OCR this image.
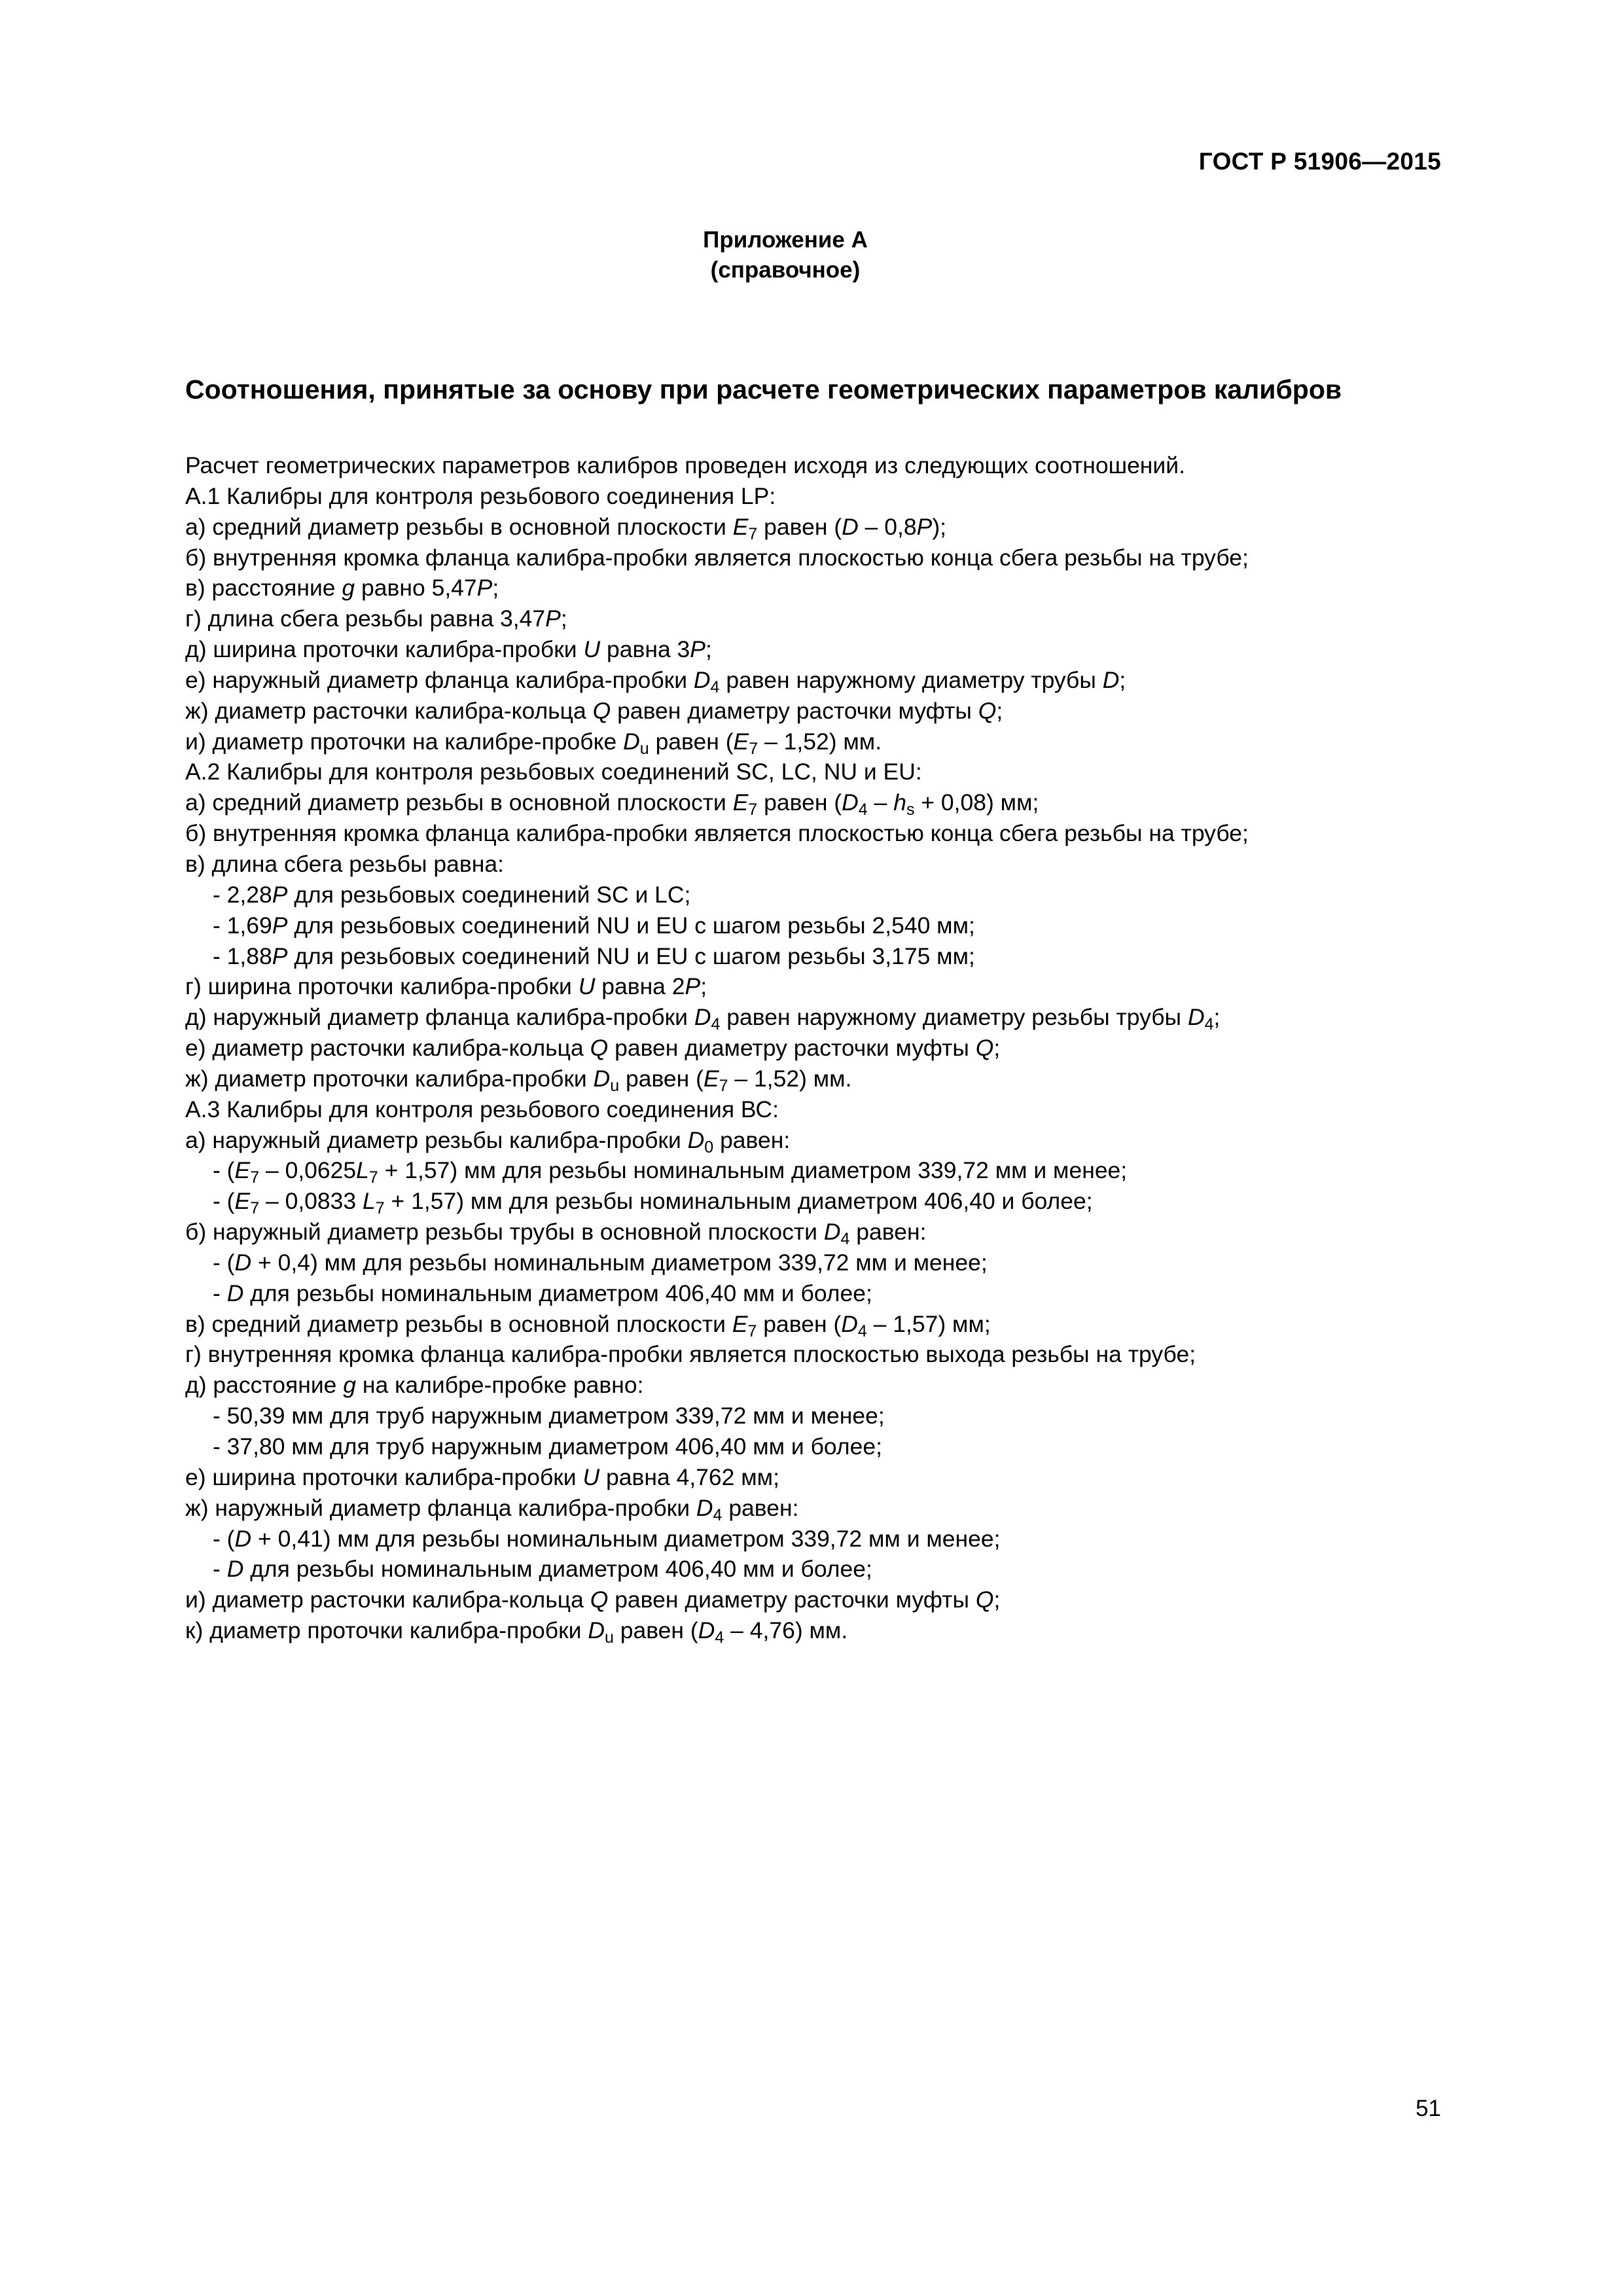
ГОСТ Р 51906—2015
Приложение А
(справочное)
Соотношения, принятые за основу при расчете геометрических параметров калибров
Расчет геометрических параметров калибров проведен исходя из следующих соотношений.
А.1 Калибры для контроля резьбового соединения LP:
а) средний диаметр резьбы в основной плоскости $E_7$ равен (D – 0,8P);
б) внутренняя кромка фланца калибра-пробки является плоскостью конца сбега резьбы на трубе;
в) расстояние g равно 5,47P;
г) длина сбега резьбы равна 3,47P;
д) ширина проточки калибра-пробки U равна 3P;
е) наружный диаметр фланца калибра-пробки $D_4$ равен наружному диаметру трубы D;
ж) диаметр расточки калибра-кольца Q равен диаметру расточки муфты Q;
и) диаметр проточки на калибре-пробке $D_u$ равен $(E_7 - 1,52)$ мм.
А.2 Калибры для контроля резьбовых соединений SC, LC, NU и EU:
а) средний диаметр резьбы в основной плоскости $E_7$ равен $(D_4 - h_s + 0,08)$ мм;
б) внутренняя кромка фланца калибра-пробки является плоскостью конца сбега резьбы на трубе;
в) длина сбега резьбы равна:
- 2,28P для резьбовых соединений SC и LC;
- 1,69P для резьбовых соединений NU и EU с шагом резьбы 2,540 мм;
- 1,88P для резьбовых соединений NU и EU с шагом резьбы 3,175 мм;
г) ширина проточки калибра-пробки U равна 2P;
д) наружный диаметр фланца калибра-пробки $D_4$ равен наружному диаметру резьбы трубы $D_4$;
е) диаметр расточки калибра-кольца Q равен диаметру расточки муфты Q;
ж) диаметр проточки калибра-пробки $D_u$ равен $(E_7 - 1,52)$ мм.
А.3 Калибры для контроля резьбового соединения ВС:
а) наружный диаметр резьбы калибра-пробки $D_0$ равен:
- $(E_7 - 0,0625L_7 + 1,57)$ мм для резьбы номинальным диаметром 339,72 мм и менее;
- ($E_7 - 0,0833$ $L_7 + 1,57$) мм для резьбы номинальным диаметром 406,40 и более;
б) наружный диаметр резьбы трубы в основной плоскости $D_4$ равен:
- (D + 0,4) мм для резьбы номинальным диаметром 339,72 мм и менее;
- D для резьбы номинальным диаметром 406,40 мм и более;
в) средний диаметр резьбы в основной плоскости $E_7$ равен $(D_4 - 1,57)$ мм;
г) внутренняя кромка фланца калибра-пробки является плоскостью выхода резьбы на трубе;
д) расстояние g на калибре-пробке равно:
- 50,39 мм для труб наружным диаметром 339,72 мм и менее;
- 37,80 мм для труб наружным диаметром 406,40 мм и более;
е) ширина проточки калибра-пробки U равна 4,762 мм;
ж) наружный диаметр фланца калибра-пробки $D_4$ равен:
- (D + 0,41) мм для резьбы номинальным диаметром 339,72 мм и менее;
- D для резьбы номинальным диаметром 406,40 мм и более;
и) диаметр расточки калибра-кольца Q равен диаметру расточки муфты Q;
к) диаметр проточки калибра-пробки $D_u$ равен $(D_4 - 4,76)$ мм.
51
